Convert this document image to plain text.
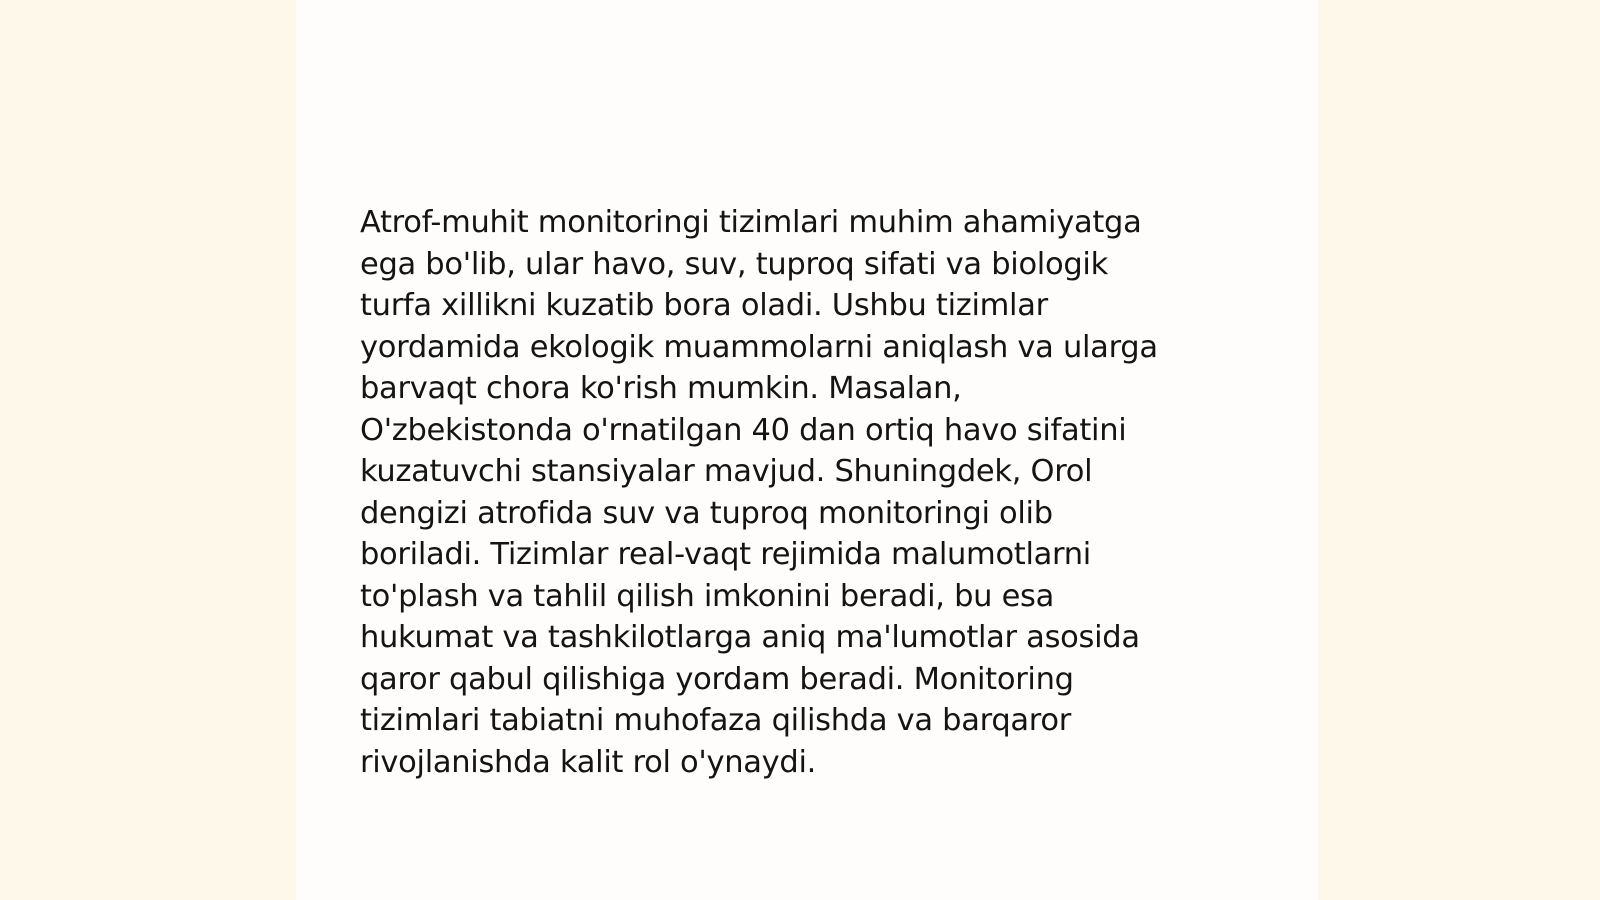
Atrof-muhit monitoringi tizimlari muhim ahamiyatga
ega bo'lib, ular havo, suv, tuproq sifati va biologik
turfa xillikni kuzatib bora oladi. Ushbu tizimlar
yordamida ekologik muammolarni aniqlash va ularga
barvaqt chora ko'rish mumkin. Masalan,
O'zbekistonda o'rnatilgan 40 dan ortiq havo sifatini
kuzatuvchi stansiyalar mavjud. Shuningdek, Orol
dengizi atrofida suv va tuproq monitoringi olib
boriladi. Tizimlar real-vaqt rejimida malumotlarni
to'plash va tahlil qilish imkonini beradi, bu esa
hukumat va tashkilotlarga aniq ma'lumotlar asosida
qaror qabul qilishiga yordam beradi. Monitoring
tizimlari tabiatni muhofaza qilishda va barqaror
rivojlanishda kalit rol o'ynaydi.
